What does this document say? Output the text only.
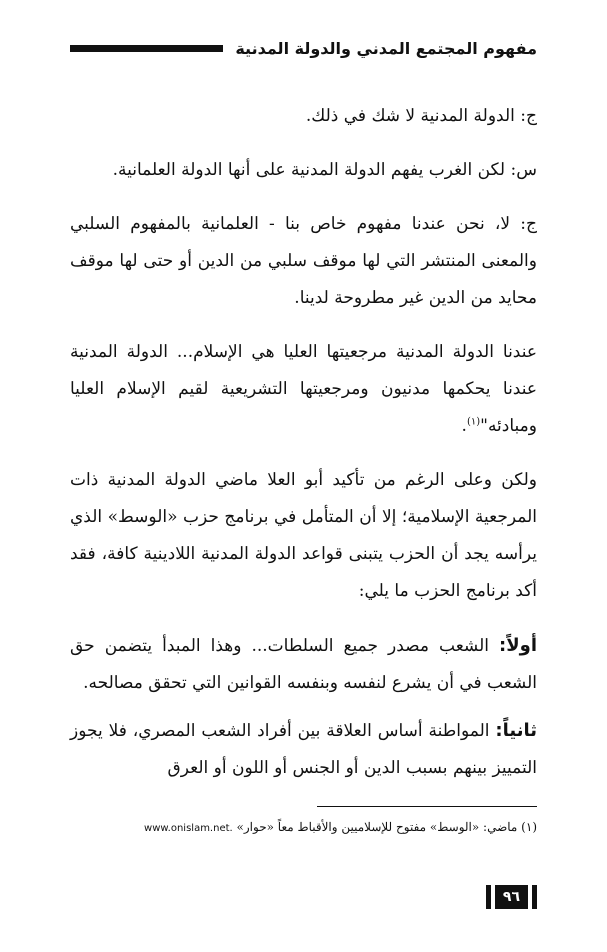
مفهوم المجتمع المدني والدولة المدنية

ج: الدولة المدنية لا شك في ذلك.

س: لكن الغرب يفهم الدولة المدنية على أنها الدولة العلمانية.

ج: لا، نحن عندنا مفهوم خاص بنا - العلمانية بالمفهوم السلبي والمعنى المنتشر التي لها موقف سلبي من الدين أو حتى لها موقف محايد من الدين غير مطروحة لدينا.

عندنا الدولة المدنية مرجعيتها العليا هي الإسلام... الدولة المدنية عندنا يحكمها مدنيون ومرجعيتها التشريعية لقيم الإسلام العليا ومبادئه"$^{(١)}$.

ولكن وعلى الرغم من تأكيد أبو العلا ماضي الدولة المدنية ذات المرجعية الإسلامية؛ إلا أن المتأمل في برنامج حزب «الوسط» الذي يرأسه يجد أن الحزب يتبنى قواعد الدولة المدنية اللادينية كافة، فقد أكد برنامج الحزب ما يلي:

أولاً: الشعب مصدر جميع السلطات... وهذا المبدأ يتضمن حق الشعب في أن يشرع لنفسه وبنفسه القوانين التي تحقق مصالحه.

ثانياً: المواطنة أساس العلاقة بين أفراد الشعب المصري، فلا يجوز التمييز بينهم بسبب الدين أو الجنس أو اللون أو العرق

(١) ماضي: «الوسط» مفتوح للإسلاميين والأقباط معاً «حوار» www.onislam.net.
٩٦
